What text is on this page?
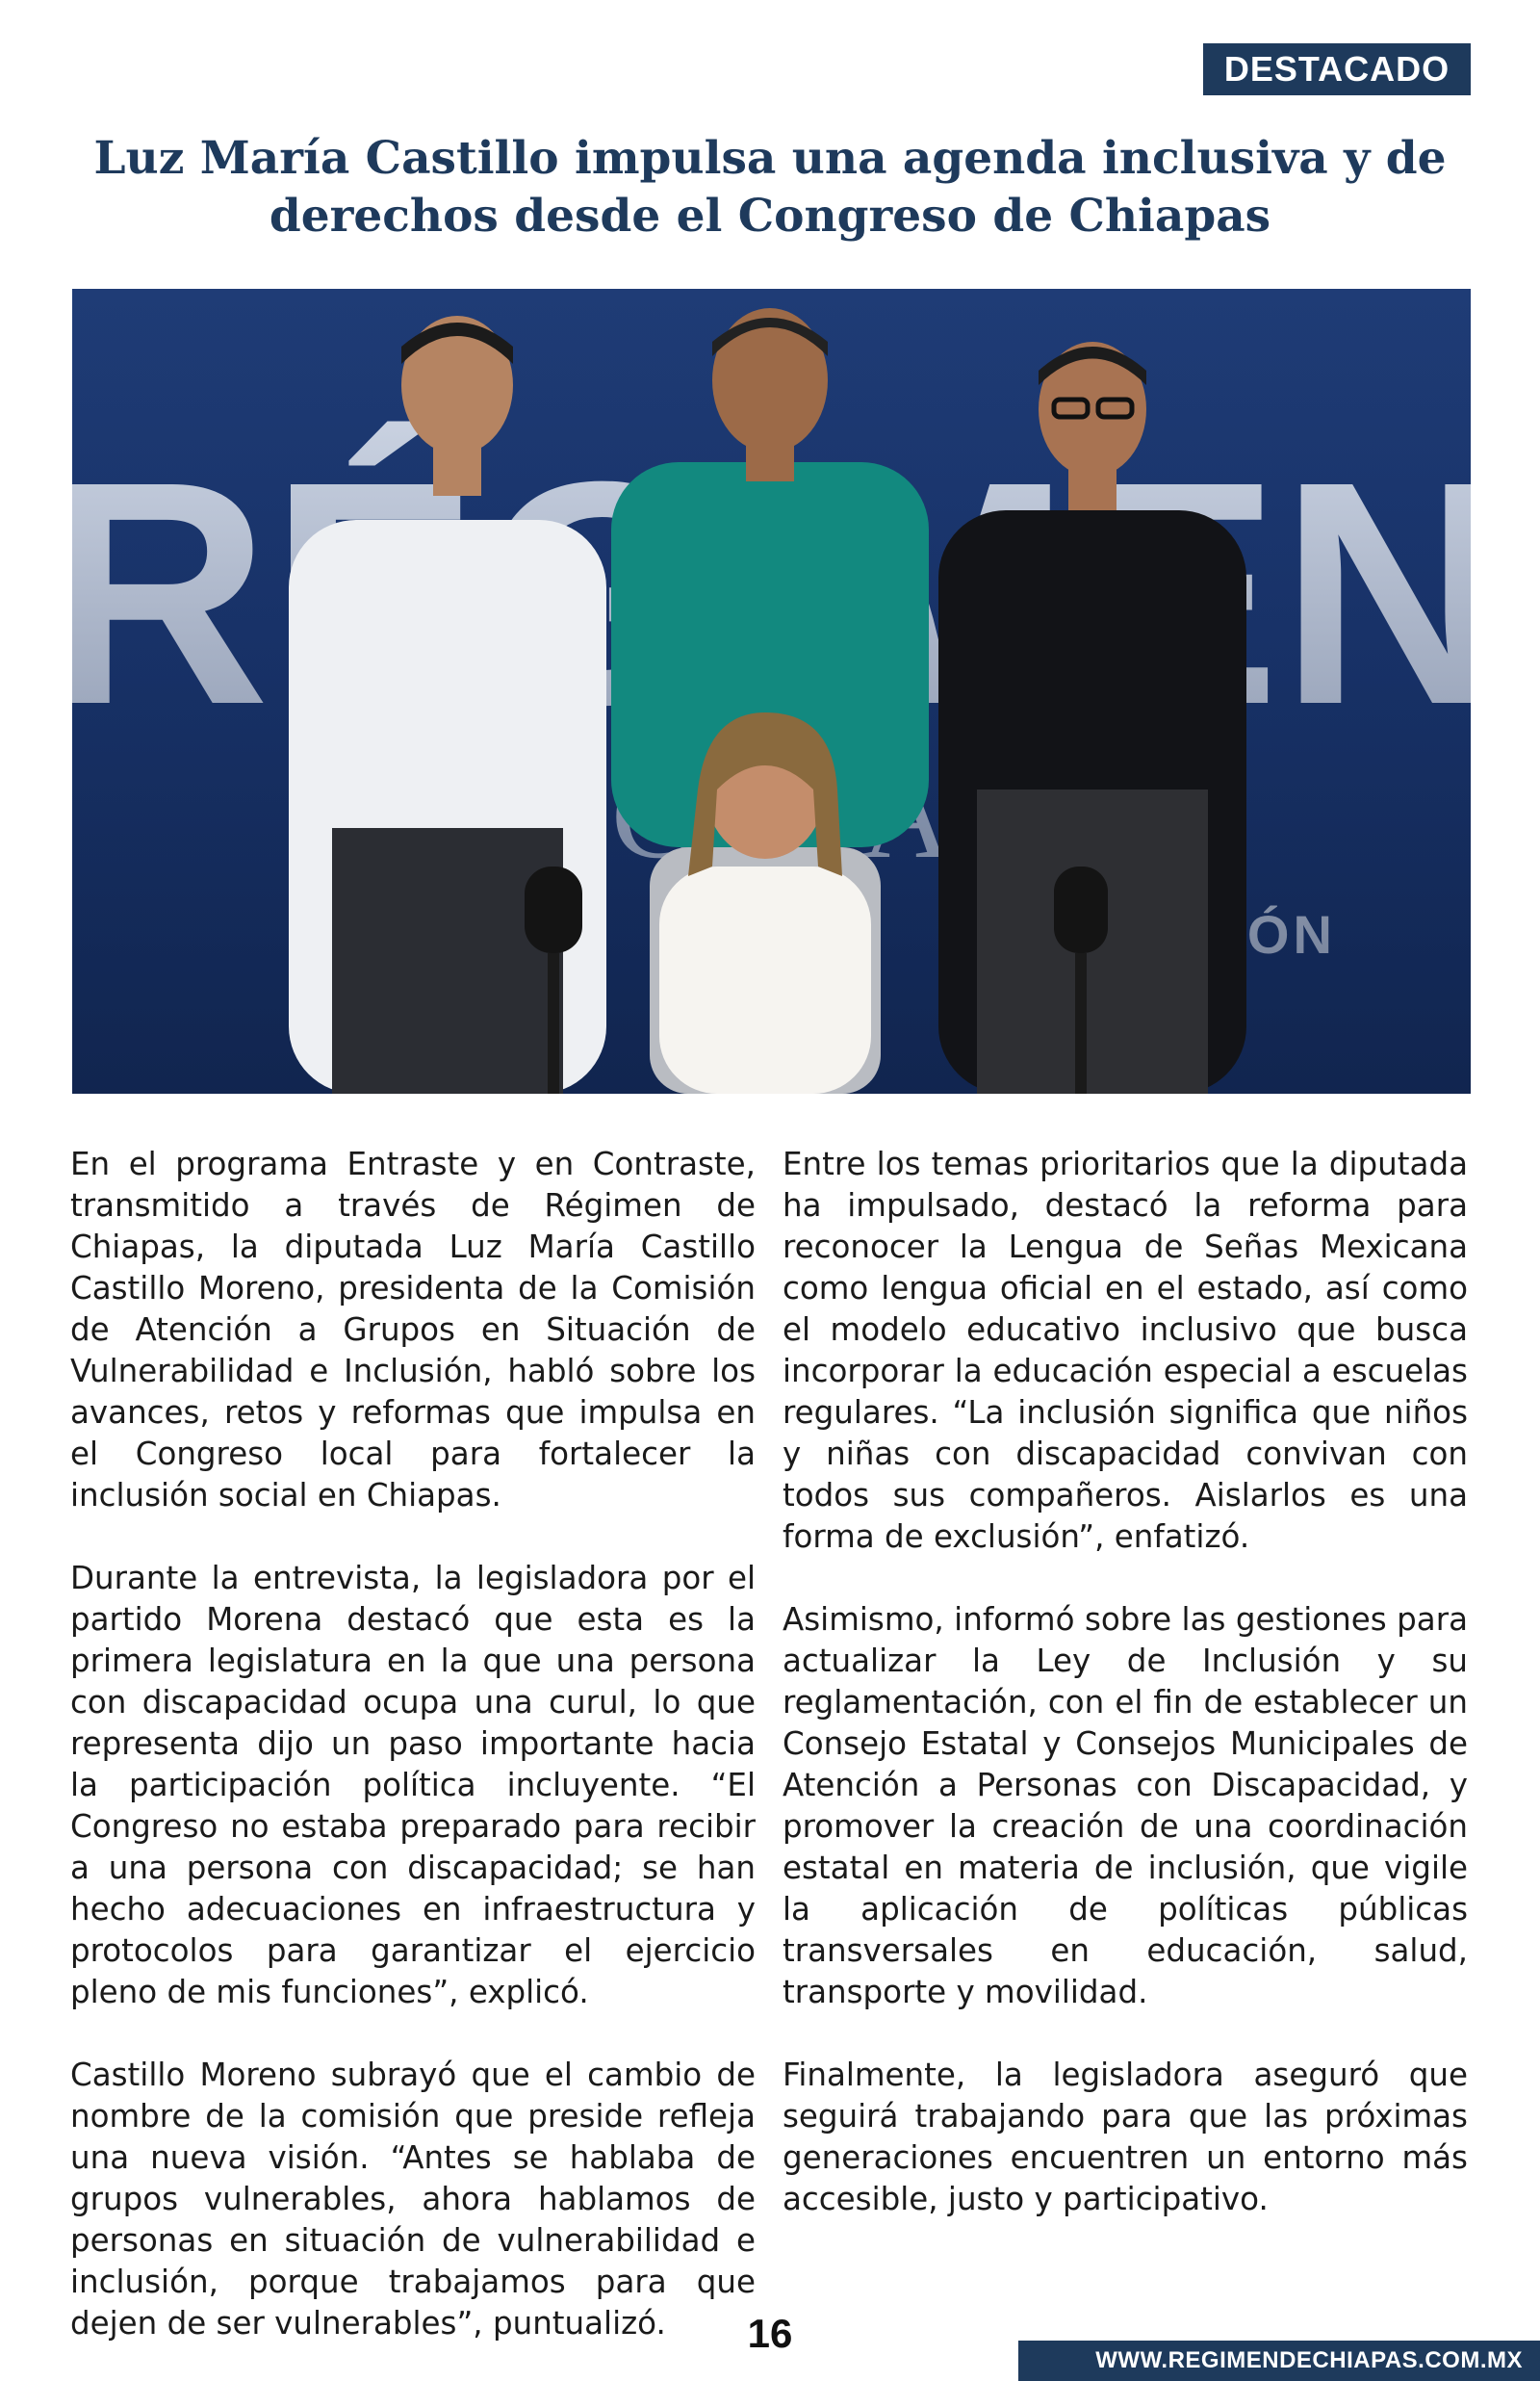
DESTACADO
Luz María Castillo impulsa una agenda inclusiva y de
derechos desde el Congreso de Chiapas

En el programa Entraste y en Contraste, transmitido a través de Régimen de Chiapas, la diputada Luz María Castillo Castillo Moreno, presidenta de la Comisión de Atención a Grupos en Situación de Vulnerabilidad e Inclusión, habló sobre los avances, retos y reformas que impulsa en el Congreso local para fortalecer la inclusión social en Chiapas.

Durante la entrevista, la legisladora por el partido Morena destacó que esta es la primera legislatura en la que una persona con discapacidad ocupa una curul, lo que representa dijo un paso importante hacia la participación política incluyente. “El Congreso no estaba preparado para recibir a una persona con discapacidad; se han hecho adecuaciones en infraestructura y protocolos para garantizar el ejercicio pleno de mis funciones”, explicó.

Castillo Moreno subrayó que el cambio de nombre de la comisión que preside refleja una nueva visión. “Antes se hablaba de grupos vulnerables, ahora hablamos de personas en situación de vulnerabilidad e inclusión, porque trabajamos para que dejen de ser vulnerables”, puntualizó.

Entre los temas prioritarios que la diputada ha impulsado, destacó la reforma para reconocer la Lengua de Señas Mexicana como lengua oficial en el estado, así como el modelo educativo inclusivo que busca incorporar la educación especial a escuelas regulares. “La inclusión significa que niños y niñas con discapacidad convivan con todos sus compañeros. Aislarlos es una forma de exclusión”, enfatizó.

Asimismo, informó sobre las gestiones para actualizar la Ley de Inclusión y su reglamentación, con el fin de establecer un Consejo Estatal y Consejos Municipales de Atención a Personas con Discapacidad, y promover la creación de una coordinación estatal en materia de inclusión, que vigile la aplicación de políticas públicas transversales en educación, salud, transporte y movilidad.

Finalmente, la legisladora aseguró que seguirá trabajando para que las próximas generaciones encuentren un entorno más accesible, justo y participativo.

16
WWW.REGIMENDECHIAPAS.COM.MX
